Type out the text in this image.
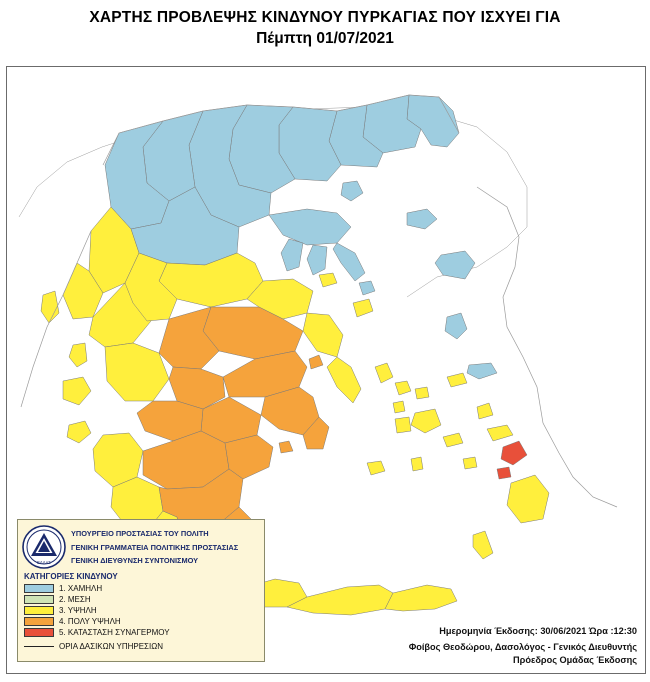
ΧΑΡΤΗΣ ΠΡΟΒΛΕΨΗΣ ΚΙΝΔΥΝΟΥ ΠΥΡΚΑΓΙΑΣ ΠΟΥ ΙΣΧΥΕΙ ΓΙΑ
Πέμπτη 01/07/2021
ΕΛΛΑΣ
ΥΠΟΥΡΓΕΙΟ ΠΡΟΣΤΑΣΙΑΣ ΤΟΥ ΠΟΛΙΤΗ
ΓΕΝΙΚΗ ΓΡΑΜΜΑΤΕΙΑ ΠΟΛΙΤΙΚΗΣ ΠΡΟΣΤΑΣΙΑΣ
ΓΕΝΙΚΗ ΔΙΕΥΘΥΝΣΗ ΣΥΝΤΟΝΙΣΜΟΥ
ΚΑΤΗΓΟΡΙΕΣ ΚΙΝΔΥΝΟΥ
1. ΧΑΜΗΛΗ
2. ΜΕΣΗ
3. ΥΨΗΛΗ
4. ΠΟΛΥ ΥΨΗΛΗ
5. ΚΑΤΑΣΤΑΣΗ ΣΥΝΑΓΕΡΜΟΥ
ΟΡΙΑ ΔΑΣΙΚΩΝ ΥΠΗΡΕΣΙΩΝ
Ημερομηνία Έκδοσης: 30/06/2021 Ώρα :12:30
Φοίβος Θεοδώρου, Δασολόγος - Γενικός Διευθυντής
Πρόεδρος Ομάδας Έκδοσης
